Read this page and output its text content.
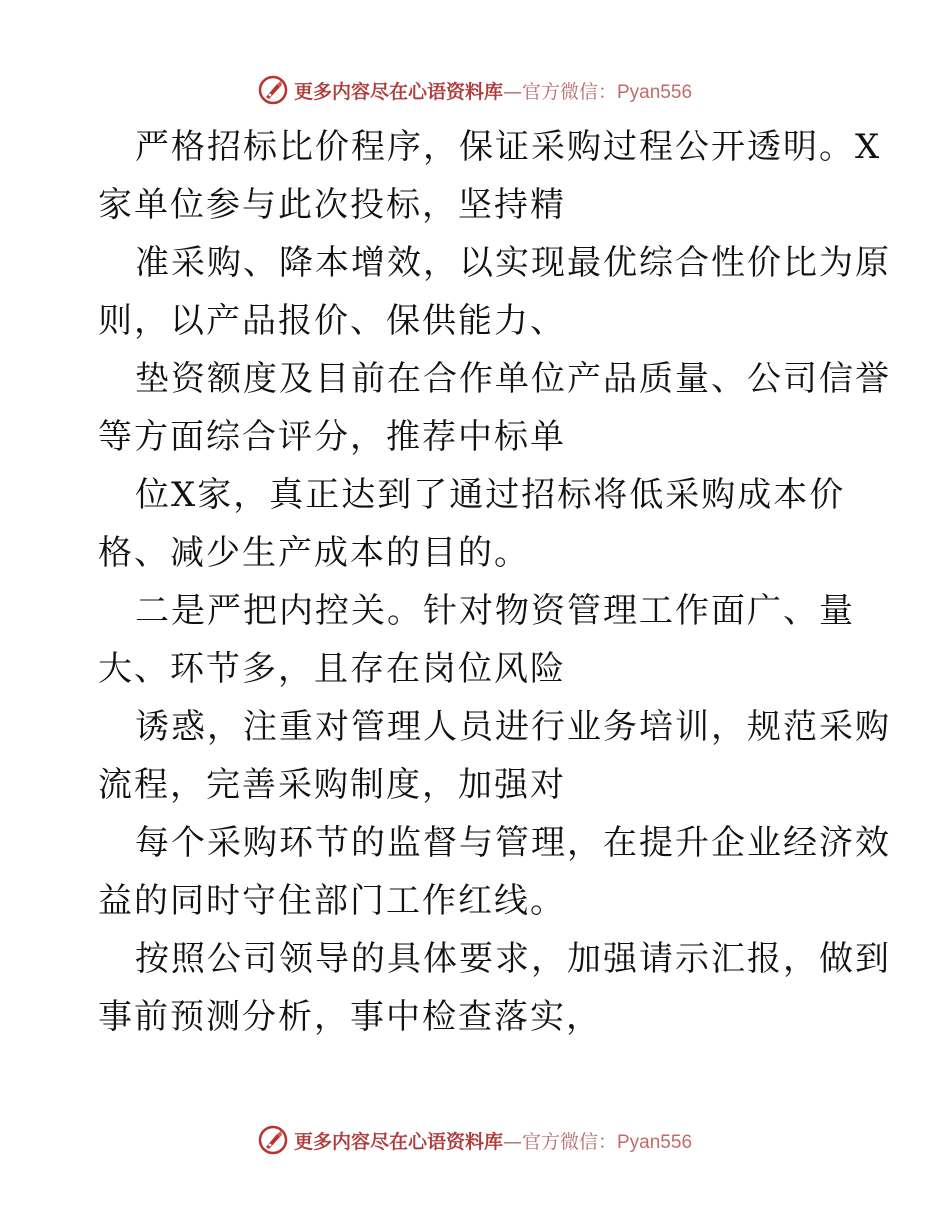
更多内容尽在心语资料库—官方微信：Pyan556
严格招标比价程序，保证采购过程公开透明。X
家单位参与此次投标，坚持精
准采购、降本增效，以实现最优综合性价比为原
则，以产品报价、保供能力、
垫资额度及目前在合作单位产品质量、公司信誉
等方面综合评分，推荐中标单
位X家，真正达到了通过招标将低采购成本价
格、减少生产成本的目的。
二是严把内控关。针对物资管理工作面广、量
大、环节多，且存在岗位风险
诱惑，注重对管理人员进行业务培训，规范采购
流程，完善采购制度，加强对
每个采购环节的监督与管理，在提升企业经济效
益的同时守住部门工作红线。
按照公司领导的具体要求，加强请示汇报，做到
事前预测分析，事中检查落实，
更多内容尽在心语资料库—官方微信：Pyan556
